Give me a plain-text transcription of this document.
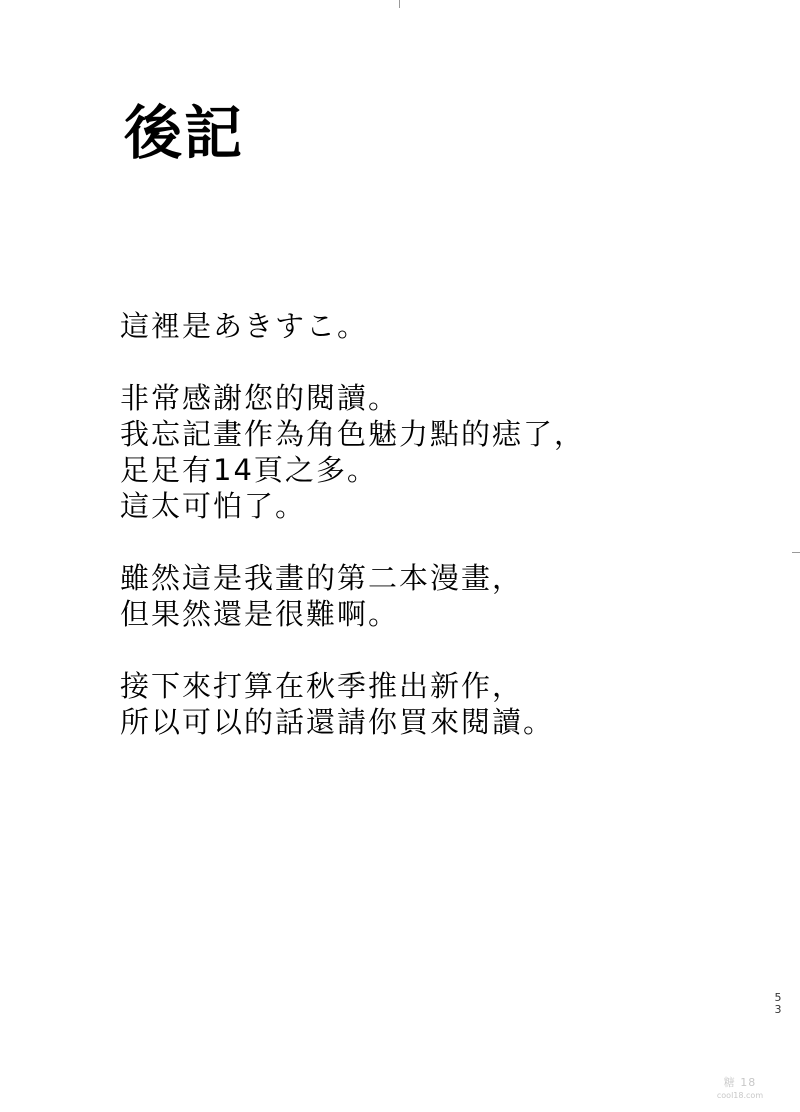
後記

這裡是あきすこ。

非常感謝您的閱讀。
我忘記畫作為角色魅力點的痣了，
足足有14頁之多。
這太可怕了。

雖然這是我畫的第二本漫畫，
但果然還是很難啊。

接下來打算在秋季推出新作，
所以可以的話還請你買來閱讀。

5
3
糖 18
cool18.com
